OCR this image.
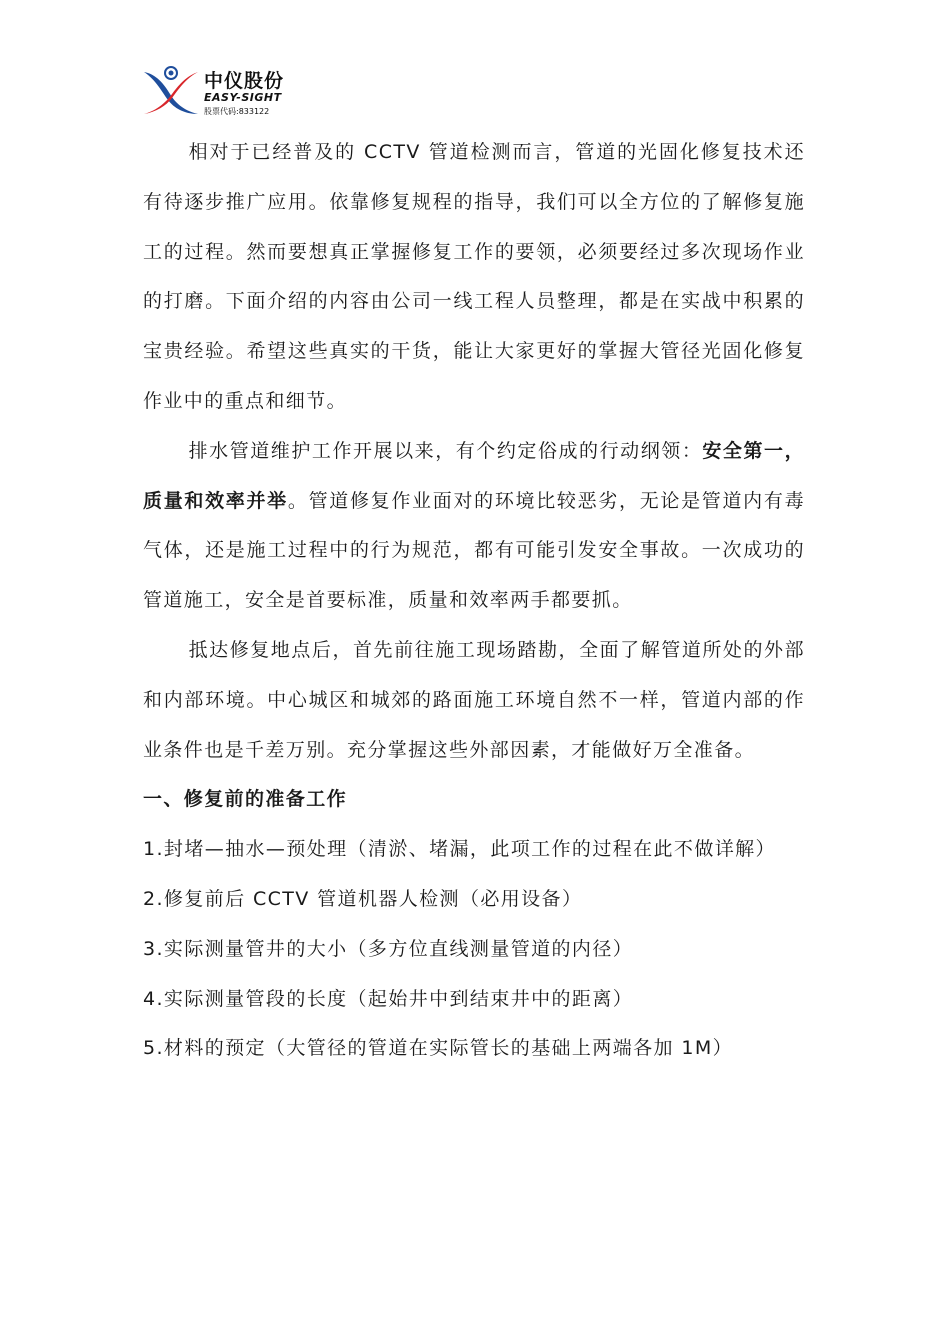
中仪股份
EASY-SIGHT
股票代码:833122

相对于已经普及的 CCTV 管道检测而言，管道的光固化修复技术还有待逐步推广应用。依靠修复规程的指导，我们可以全方位的了解修复施工的过程。然而要想真正掌握修复工作的要领，必须要经过多次现场作业的打磨。下面介绍的内容由公司一线工程人员整理，都是在实战中积累的宝贵经验。希望这些真实的干货，能让大家更好的掌握大管径光固化修复作业中的重点和细节。

排水管道维护工作开展以来，有个约定俗成的行动纲领：安全第一，质量和效率并举。管道修复作业面对的环境比较恶劣，无论是管道内有毒气体，还是施工过程中的行为规范，都有可能引发安全事故。一次成功的管道施工，安全是首要标准，质量和效率两手都要抓。

抵达修复地点后，首先前往施工现场踏勘，全面了解管道所处的外部和内部环境。中心城区和城郊的路面施工环境自然不一样，管道内部的作业条件也是千差万别。充分掌握这些外部因素，才能做好万全准备。

一、修复前的准备工作

1.封堵—抽水—预处理（清淤、堵漏，此项工作的过程在此不做详解）

2.修复前后 CCTV 管道机器人检测（必用设备）

3.实际测量管井的大小（多方位直线测量管道的内径）

4.实际测量管段的长度（起始井中到结束井中的距离）

5.材料的预定（大管径的管道在实际管长的基础上两端各加 1M）
